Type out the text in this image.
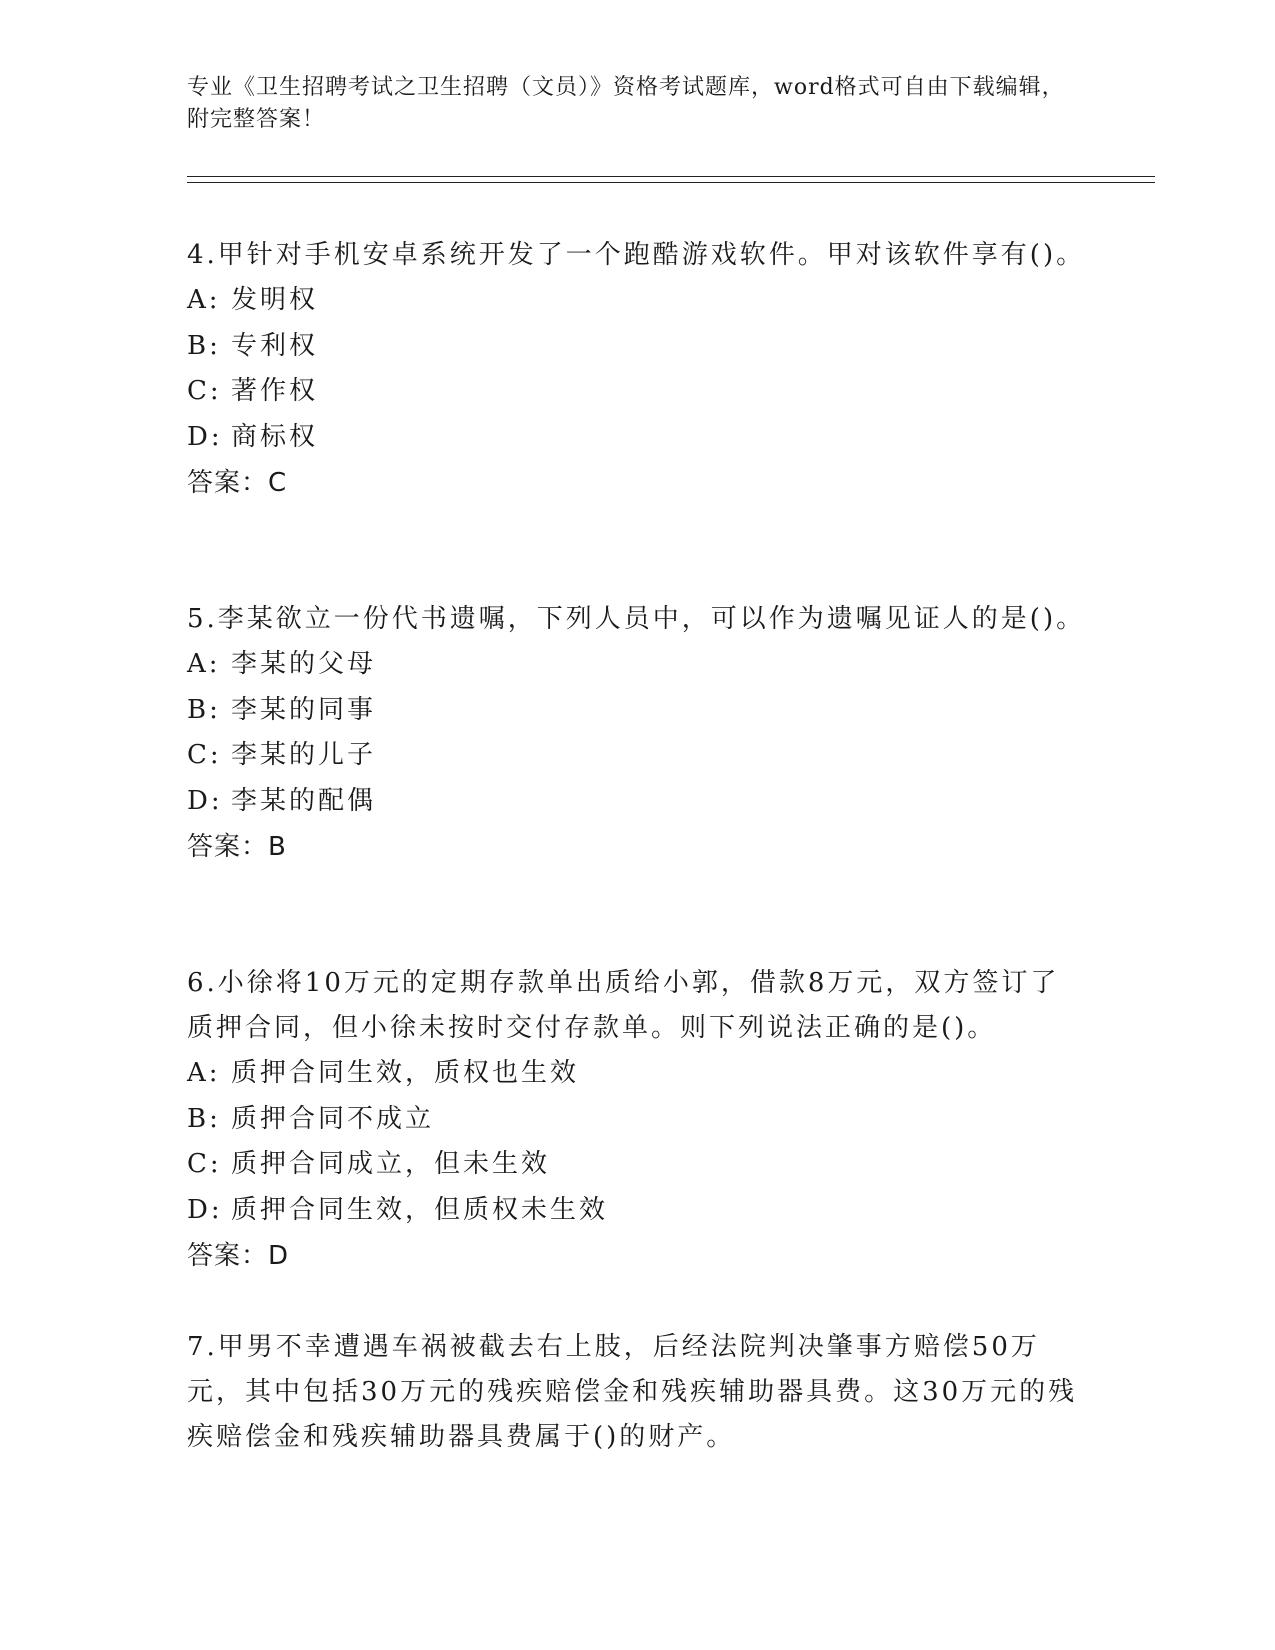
专业《卫生招聘考试之卫生招聘（文员）》资格考试题库，word格式可自由下载编辑，附完整答案！

4.甲针对手机安卓系统开发了一个跑酷游戏软件。甲对该软件享有()。

A: 发明权
B: 专利权
C: 著作权
D: 商标权
答案：C

5.李某欲立一份代书遗嘱，下列人员中，可以作为遗嘱见证人的是()。

A: 李某的父母
B: 李某的同事
C: 李某的儿子
D: 李某的配偶
答案：B

6.小徐将10万元的定期存款单出质给小郭，借款8万元，双方签订了质押合同，但小徐未按时交付存款单。则下列说法正确的是()。

A: 质押合同生效，质权也生效
B: 质押合同不成立
C: 质押合同成立，但未生效
D: 质押合同生效，但质权未生效
答案：D

7.甲男不幸遭遇车祸被截去右上肢，后经法院判决肇事方赔偿50万元，其中包括30万元的残疾赔偿金和残疾辅助器具费。这30万元的残疾赔偿金和残疾辅助器具费属于()的财产。
